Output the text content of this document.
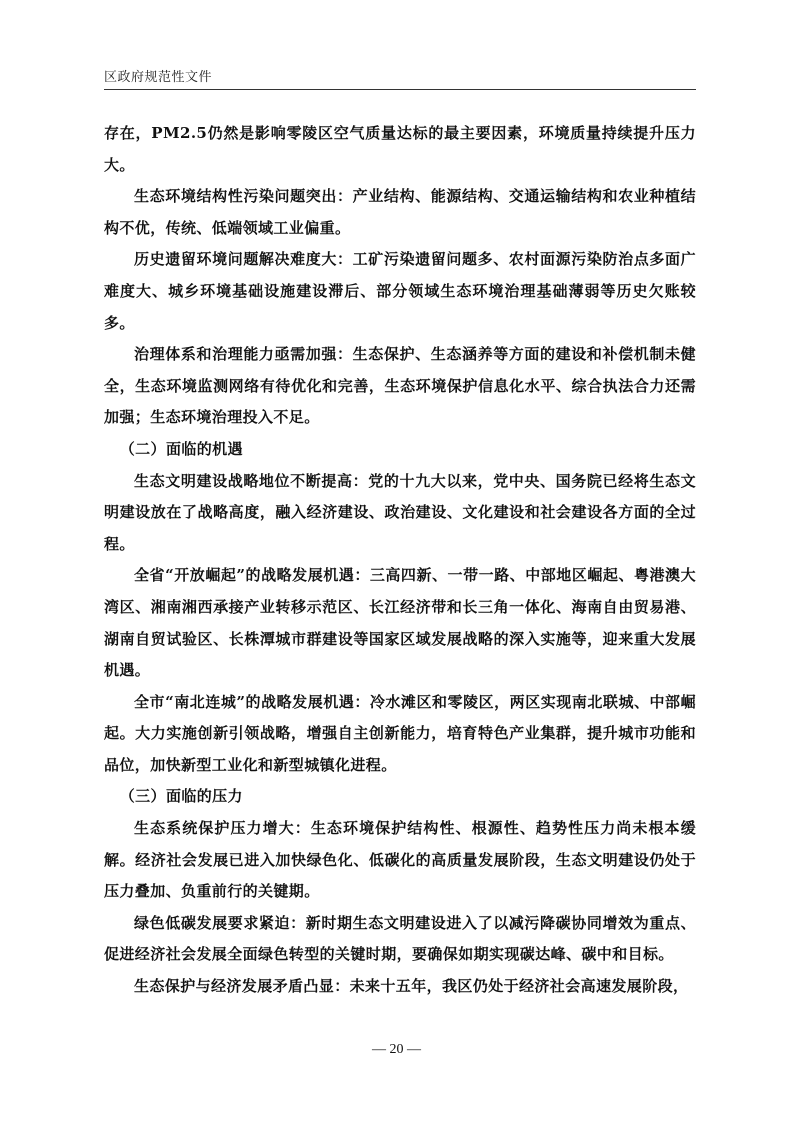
区政府规范性文件

存在，PM2.5仍然是影响零陵区空气质量达标的最主要因素，环境质量持续提升压力大。

生态环境结构性污染问题突出：产业结构、能源结构、交通运输结构和农业种植结构不优，传统、低端领域工业偏重。

历史遗留环境问题解决难度大：工矿污染遗留问题多、农村面源污染防治点多面广难度大、城乡环境基础设施建设滞后、部分领域生态环境治理基础薄弱等历史欠账较多。

治理体系和治理能力亟需加强：生态保护、生态涵养等方面的建设和补偿机制未健全，生态环境监测网络有待优化和完善，生态环境保护信息化水平、综合执法合力还需加强；生态环境治理投入不足。

（二）面临的机遇

生态文明建设战略地位不断提高：党的十九大以来，党中央、国务院已经将生态文明建设放在了战略高度，融入经济建设、政治建设、文化建设和社会建设各方面的全过程。

全省“开放崛起”的战略发展机遇：三高四新、一带一路、中部地区崛起、粤港澳大湾区、湘南湘西承接产业转移示范区、长江经济带和长三角一体化、海南自由贸易港、湖南自贸试验区、长株潭城市群建设等国家区域发展战略的深入实施等，迎来重大发展机遇。

全市“南北连城”的战略发展机遇：冷水滩区和零陵区，两区实现南北联城、中部崛起。大力实施创新引领战略，增强自主创新能力，培育特色产业集群，提升城市功能和品位，加快新型工业化和新型城镇化进程。

（三）面临的压力

生态系统保护压力增大：生态环境保护结构性、根源性、趋势性压力尚未根本缓解。经济社会发展已进入加快绿色化、低碳化的高质量发展阶段，生态文明建设仍处于压力叠加、负重前行的关键期。

绿色低碳发展要求紧迫：新时期生态文明建设进入了以减污降碳协同增效为重点、促进经济社会发展全面绿色转型的关键时期，要确保如期实现碳达峰、碳中和目标。

生态保护与经济发展矛盾凸显：未来十五年，我区仍处于经济社会高速发展阶段，

— 20 —
